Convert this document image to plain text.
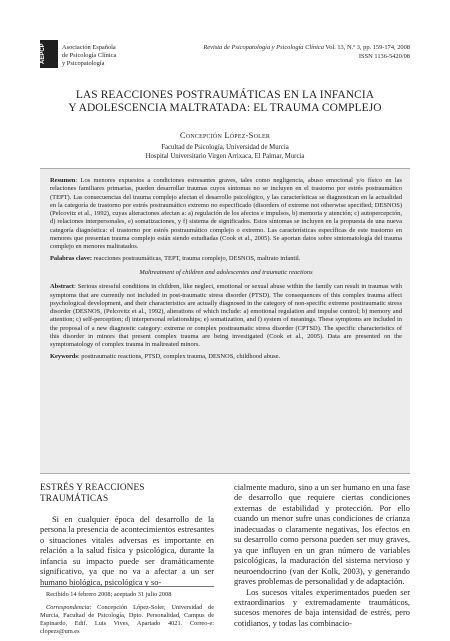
AEPCP	Asociación Española
de Psicología Clínica
y Psicopatología
Revista de Psicopatología y Psicología Clínica Vol. 13, N.º 3, pp. 159-174, 2008
ISSN 1136-5420/08
LAS REACCIONES POSTRAUMÁTICAS EN LA INFANCIA
Y ADOLESCENCIA MALTRATADA: EL TRAUMA COMPLEJO
Concepción López-Soler
Facultad de Psicología, Universidad de Murcia
Hospital Universitario Virgen Arrixaca, El Palmar, Murcia

Resumen: Los menores expuestos a condiciones estresantes graves, tales como negligencia, abuso emocional y/o físico en las relaciones familiares primarias, pueden desarrollar traumas cuyos síntomas no se incluyen en el trastorno por estrés postraumático (TEPT). Las consecuencias del trauma complejo afectan el desarrollo psicológico, y las características se diagnostican en la actualidad en la categoría de trastorno por estrés postraumático extremo no especificado (disorders of extreme not otherwise specified; DESNOS) (Pelcovitz et al., 1992), cuyas alteraciones afectan a: a) regulación de los afectos e impulsos, b) memoria y atención; c) autopercepción, d) relaciones interpersonales, e) somatizaciones, y f) sistema de significados. Estos síntomas se incluyen en la propuesta de una nueva categoría diagnóstica: el trastorno por estrés postraumático complejo o extremo. Las características específicas de este trastorno en menores que presentan trauma complejo están siendo estudiadas (Cook et al., 2005). Se aportan datos sobre sintomatología del trauma complejo en menores maltratados.

Palabras clave: reacciones postraumáticas, TEPT, trauma complejo, DESNOS, maltrato infantil.

Maltreatment of children and adolescentes and traumatic reactions

Abstract: Serious stressful conditions in children, like neglect, emotional or sexual abuse within the family can result in traumas with symptoms that are currently not included in post-traumatic stress disorder (PTSD). The consequences of this complex trauma affect psychological development, and their characteristics are actually diagnosed in the category of non-specific extreme posttraumatic stress disorder (DESNOS, (Pelcovitz et al., 1992), alterations of which include: a) emotional regulation and impulse control; b) memory and attention; c) self-perception; d) interpersonal relationships; e) somatization, and f) system of meanings. These symptoms are included in the proposal of a new diagnostic category: extreme or complex posttraumatic stress disorder (CPTSD). The specific characteristics of this disorder in minors that present complex trauma are being investigated (Cook et al., 2005). Data are presented on the symptomatology of complex trauma in maltreated minors.

Keywords: posttraumatic reactions, PTSD, complex trauma, DESNOS, childhood abuse.

ESTRÉS Y REACCIONES TRAUMÁTICAS

Si en cualquier época del desarrollo de la persona la presencia de acontecimientos estresantes o situaciones vitales adversas es importante en relación a la salud física y psicológica, durante la infancia su impacto puede ser dramáticamente significativo, ya que no va a afectar a un ser humano biológica, psicológica y so-

Recibido 14 febrero 2008; aceptado 31 julio 2008

Correspondencia: Concepción López-Soler, Universidad de Murcia, Facultad de Psicología, Dpto. Personalidad, Campus de Espinardo, Edif. Luis Vives, Apartado 4021. Correo-e: clopezs@um.es

cialmente maduro, sino a un ser humano en una fase de desarrollo que requiere ciertas condiciones externas de estabilidad y protección. Por ello cuando un menor sufre unas condiciones de crianza inadecuadas o claramente negativas, los efectos en su desarrollo como persona pueden ser muy graves, ya que influyen en un gran número de variables psicológicas, la maduración del sistema nervioso y neuroendocrino (van der Kolk, 2003), y generando graves problemas de personalidad y de adaptación.

Los sucesos vitales experimentados pueden ser extraordinarios y extremadamente traumáticos, sucesos menores de baja intensidad de estrés, pero cotidianos, y todas las combinacio-
